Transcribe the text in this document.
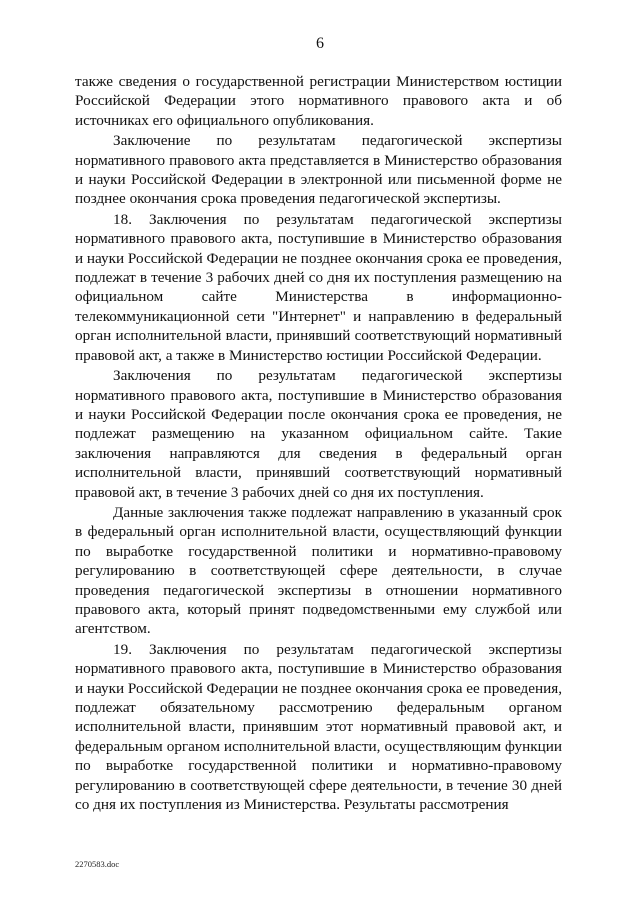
6

также сведения о государственной регистрации Министерством юстиции Российской Федерации этого нормативного правового акта и об источниках его официального опубликования.

Заключение по результатам педагогической экспертизы нормативного правового акта представляется в Министерство образования и науки Российской Федерации в электронной или письменной форме не позднее окончания срока проведения педагогической экспертизы.

18. Заключения по результатам педагогической экспертизы нормативного правового акта, поступившие в Министерство образования и науки Российской Федерации не позднее окончания срока ее проведения, подлежат в течение 3 рабочих дней со дня их поступления размещению на официальном сайте Министерства в информационно-телекоммуникационной сети "Интернет" и направлению в федеральный орган исполнительной власти, принявший соответствующий нормативный правовой акт, а также в Министерство юстиции Российской Федерации.

Заключения по результатам педагогической экспертизы нормативного правового акта, поступившие в Министерство образования и науки Российской Федерации после окончания срока ее проведения, не подлежат размещению на указанном официальном сайте. Такие заключения направляются для сведения в федеральный орган исполнительной власти, принявший соответствующий нормативный правовой акт, в течение 3 рабочих дней со дня их поступления.

Данные заключения также подлежат направлению в указанный срок в федеральный орган исполнительной власти, осуществляющий функции по выработке государственной политики и нормативно-правовому регулированию в соответствующей сфере деятельности, в случае проведения педагогической экспертизы в отношении нормативного правового акта, который принят подведомственными ему службой или агентством.

19. Заключения по результатам педагогической экспертизы нормативного правового акта, поступившие в Министерство образования и науки Российской Федерации не позднее окончания срока ее проведения, подлежат обязательному рассмотрению федеральным органом исполнительной власти, принявшим этот нормативный правовой акт, и федеральным органом исполнительной власти, осуществляющим функции по выработке государственной политики и нормативно-правовому регулированию в соответствующей сфере деятельности, в течение 30 дней со дня их поступления из Министерства. Результаты рассмотрения

2270583.doc
